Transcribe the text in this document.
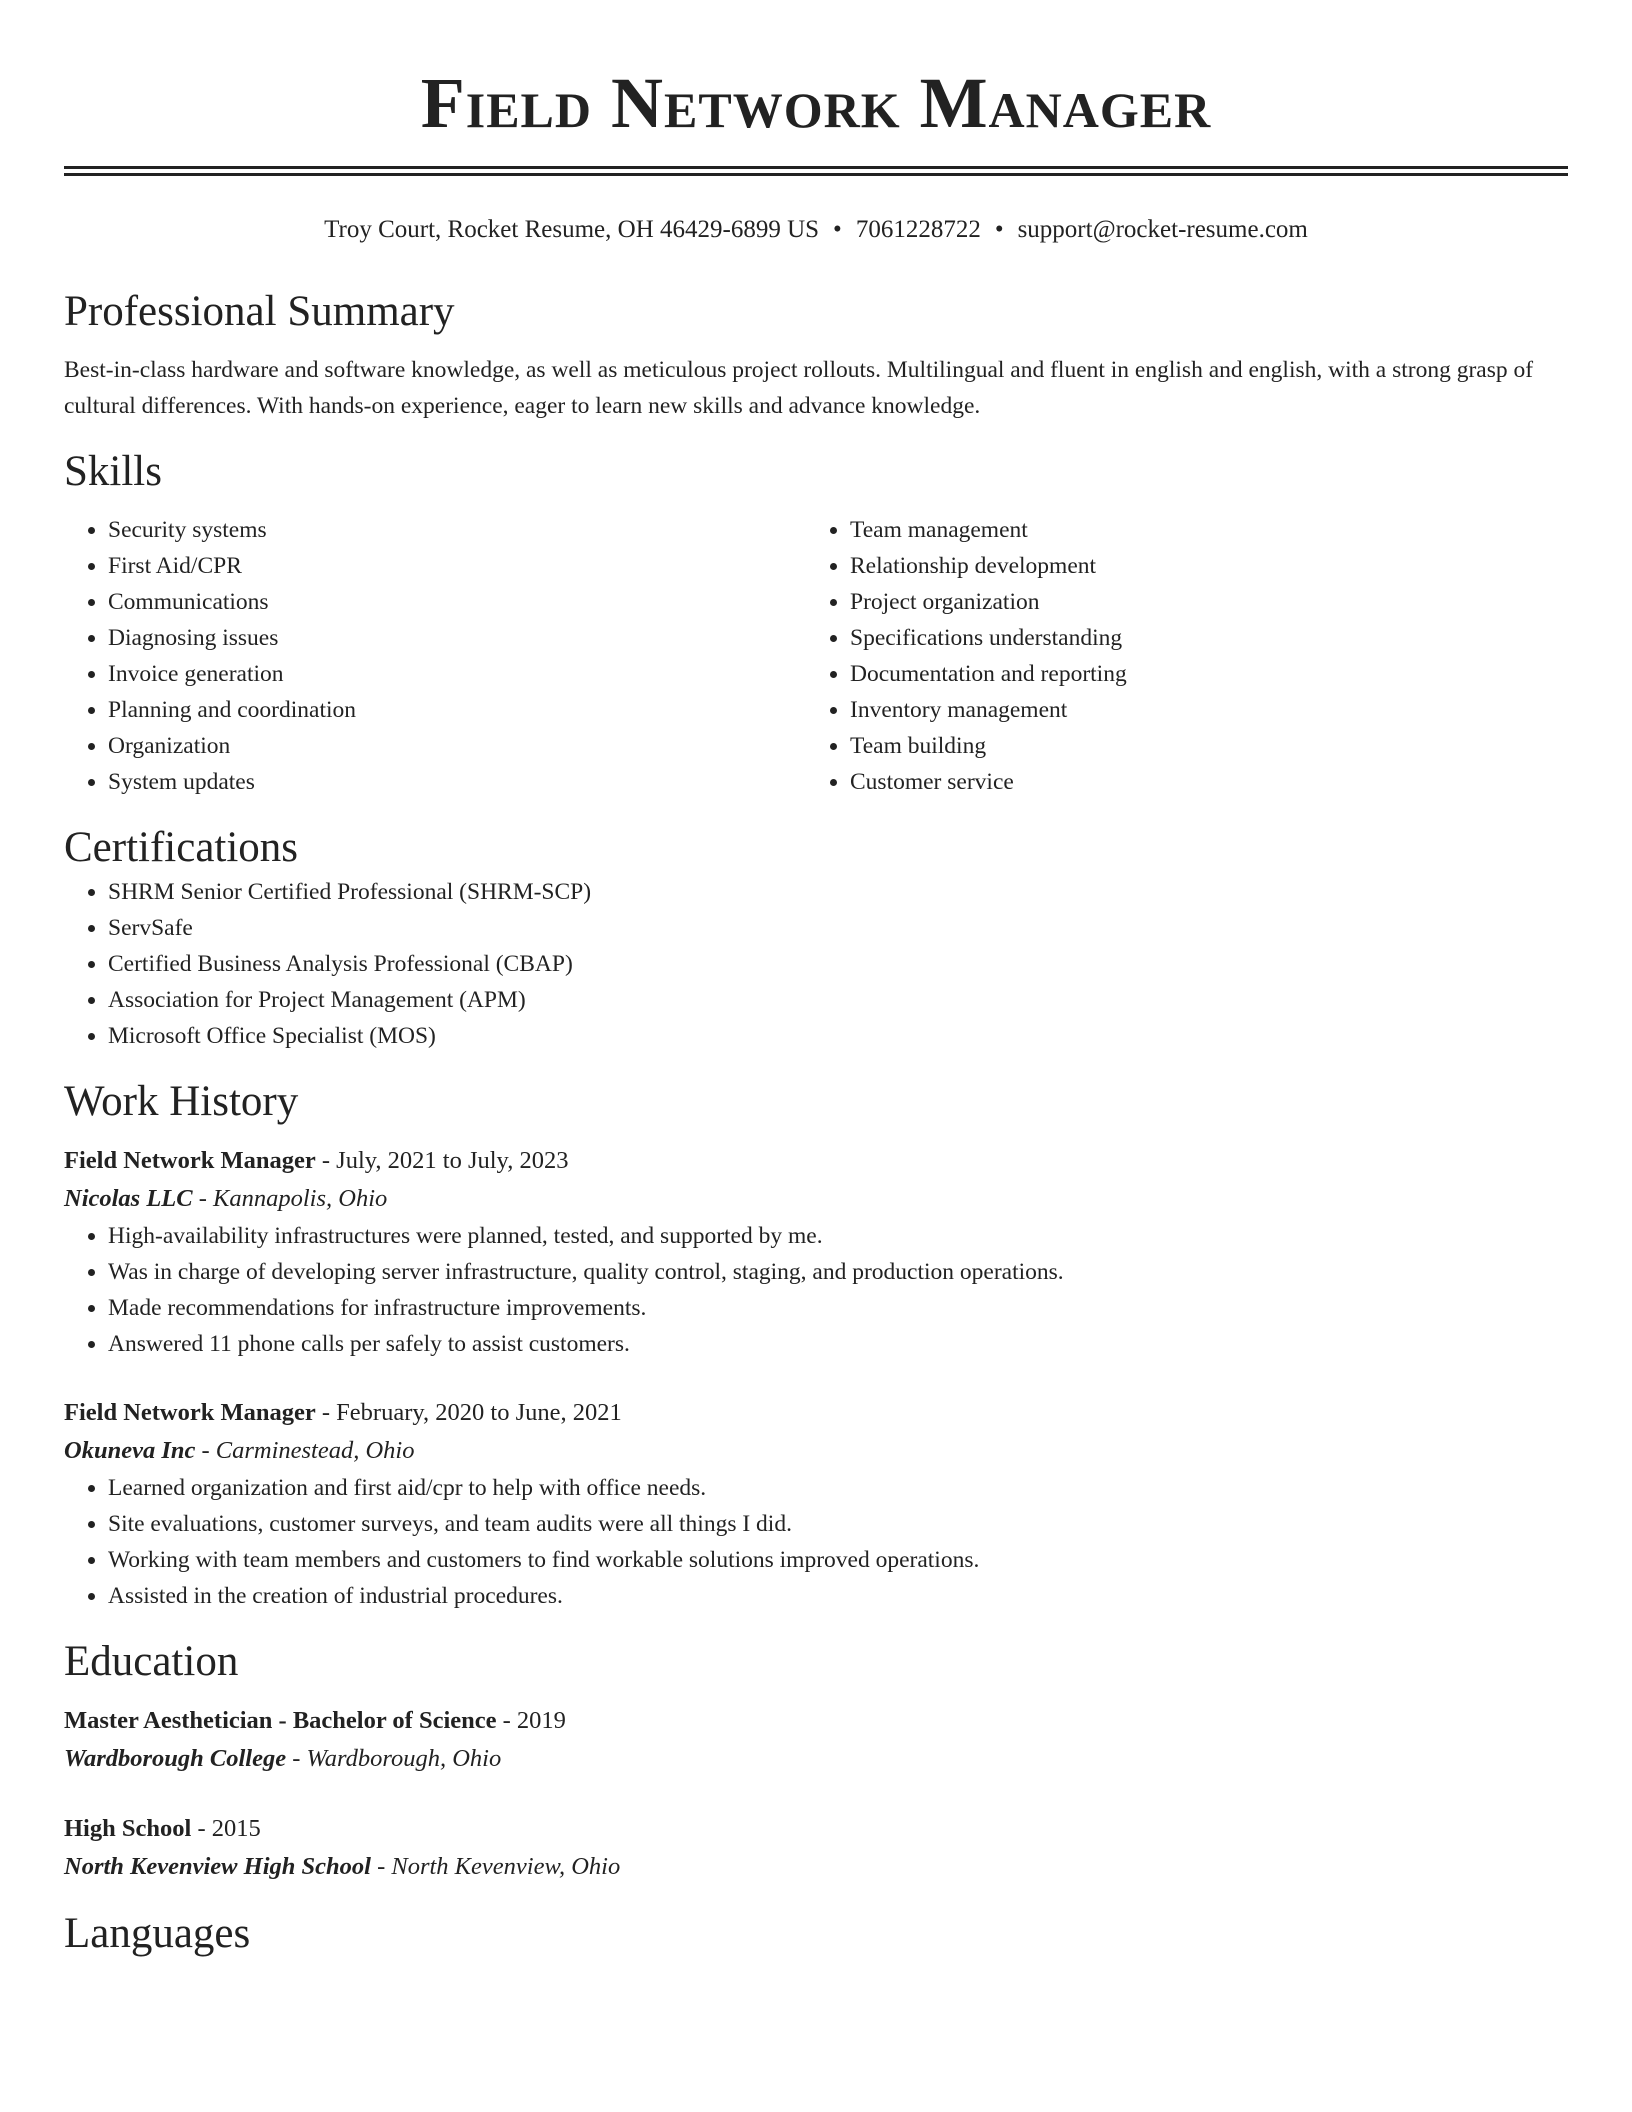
Field Network Manager
Troy Court, Rocket Resume, OH 46429-6899 US • 7061228722 • support@rocket-resume.com
Professional Summary
Best-in-class hardware and software knowledge, as well as meticulous project rollouts. Multilingual and fluent in english and english, with a strong grasp of cultural differences. With hands-on experience, eager to learn new skills and advance knowledge.
Skills
• Security systems
• First Aid/CPR
• Communications
• Diagnosing issues
• Invoice generation
• Planning and coordination
• Organization
• System updates
• Team management
• Relationship development
• Project organization
• Specifications understanding
• Documentation and reporting
• Inventory management
• Team building
• Customer service
Certifications
• SHRM Senior Certified Professional (SHRM-SCP)
• ServSafe
• Certified Business Analysis Professional (CBAP)
• Association for Project Management (APM)
• Microsoft Office Specialist (MOS)
Work History
Field Network Manager - July, 2021 to July, 2023
Nicolas LLC - Kannapolis, Ohio
• High-availability infrastructures were planned, tested, and supported by me.
• Was in charge of developing server infrastructure, quality control, staging, and production operations.
• Made recommendations for infrastructure improvements.
• Answered 11 phone calls per safely to assist customers.
Field Network Manager - February, 2020 to June, 2021
Okuneva Inc - Carminestead, Ohio
• Learned organization and first aid/cpr to help with office needs.
• Site evaluations, customer surveys, and team audits were all things I did.
• Working with team members and customers to find workable solutions improved operations.
• Assisted in the creation of industrial procedures.
Education
Master Aesthetician - Bachelor of Science - 2019
Wardborough College - Wardborough, Ohio
High School - 2015
North Kevenview High School - North Kevenview, Ohio
Languages
